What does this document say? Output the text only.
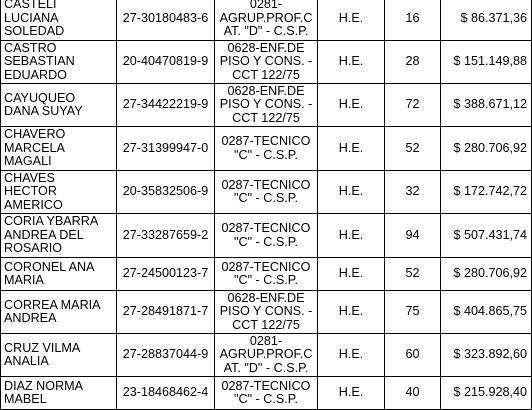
CASTELI
LUCIANA
SOLEDAD	27-30180483-6	0281-
AGRUP.PROF.C
AT. "D" - C.S.P.	H.E.	16	$ 86.371,36

CASTRO
SEBASTIAN
EDUARDO	20-40470819-9	0628-ENF.DE
PISO Y CONS. -
CCT 122/75	H.E.	28	$ 151.149,88

CAYUQUEO
DANA SUYAY	27-34422219-9	0628-ENF.DE
PISO Y CONS. -
CCT 122/75	H.E.	72	$ 388.671,12

CHAVERO
MARCELA
MAGALI	27-31399947-0	0287-TECNICO
"C" - C.S.P.	H.E.	52	$ 280.706,92

CHAVES
HECTOR
AMERICO	20-35832506-9	0287-TECNICO
"C" - C.S.P.	H.E.	32	$ 172.742,72

CORIA YBARRA
ANDREA DEL
ROSARIO	27-33287659-2	0287-TECNICO
"C" - C.S.P.	H.E.	94	$ 507.431,74

CORONEL ANA
MARIA	27-24500123-7	0287-TECNICO
"C" - C.S.P.	H.E.	52	$ 280.706,92

CORREA MARIA
ANDREA	27-28491871-7	0628-ENF.DE
PISO Y CONS. -
CCT 122/75	H.E.	75	$ 404.865,75

CRUZ VILMA
ANALIA	27-28837044-9	0281-
AGRUP.PROF.C
AT. "D" - C.S.P.	H.E.	60	$ 323.892,60

DIAZ NORMA
MABEL	23-18468462-4	0287-TECNICO
"C" - C.S.P.	H.E.	40	$ 215.928,40
